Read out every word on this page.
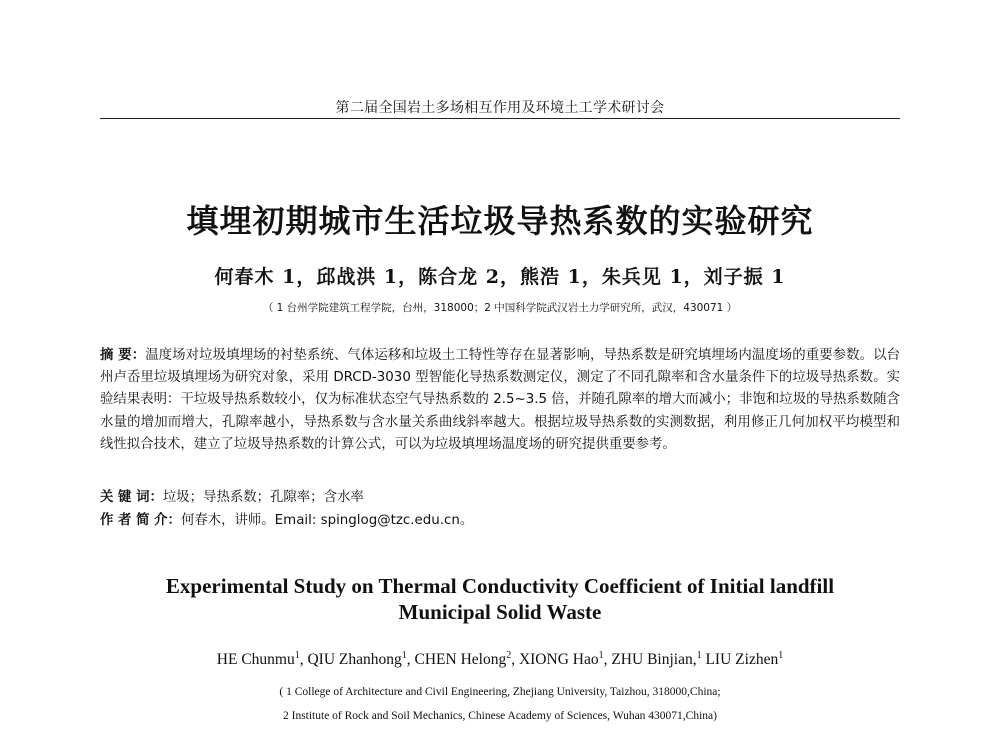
第二届全国岩土多场相互作用及环境土工学术研讨会
填埋初期城市生活垃圾导热系数的实验研究
何春木 1，邱战洪 1，陈合龙 2，熊浩 1，朱兵见 1，刘子振 1
（ 1 台州学院建筑工程学院，台州，318000；2 中国科学院武汉岩土力学研究所，武汉，430071 ）
摘 要：温度场对垃圾填埋场的衬垫系统、气体运移和垃圾土工特性等存在显著影响，导热系数是研究填埋场内温度场的重要参数。以台州卢岙里垃圾填埋场为研究对象，采用 DRCD-3030 型智能化导热系数测定仪，测定了不同孔隙率和含水量条件下的垃圾导热系数。实验结果表明：干垃圾导热系数较小，仅为标准状态空气导热系数的 2.5~3.5 倍，并随孔隙率的增大而减小；非饱和垃圾的导热系数随含水量的增加而增大，孔隙率越小，导热系数与含水量关系曲线斜率越大。根据垃圾导热系数的实测数据，利用修正几何加权平均模型和线性拟合技术，建立了垃圾导热系数的计算公式，可以为垃圾填埋场温度场的研究提供重要参考。
关 键 词：垃圾；导热系数；孔隙率；含水率
作 者 简 介：何春木，讲师。Email: spinglog@tzc.edu.cn。
Experimental Study on Thermal Conductivity Coefficient of Initial landfill
Municipal Solid Waste
HE Chunmu$^1$, QIU Zhanhong$^1$, CHEN Helong$^2$, XIONG Hao$^1$, ZHU Binjian,$^1$ LIU Zizhen$^1$
( 1 College of Architecture and Civil Engineering, Zhejiang University, Taizhou, 318000,China;
2 Institute of Rock and Soil Mechanics, Chinese Academy of Sciences, Wuhan 430071,China)
